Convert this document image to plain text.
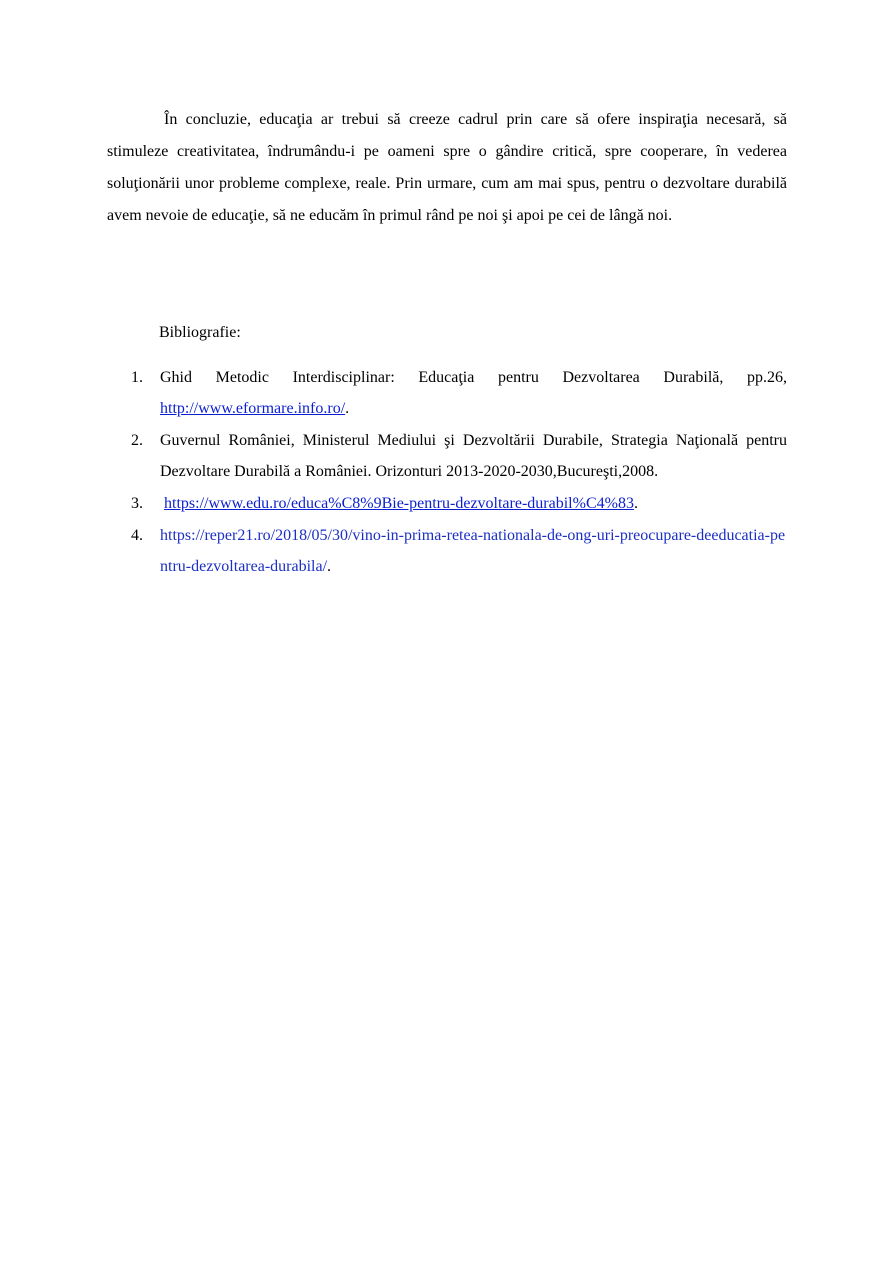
În concluzie, educaţia ar trebui să creeze cadrul prin care să ofere inspiraţia necesară, să stimuleze creativitatea, îndrumându-i pe oameni spre o gândire critică, spre cooperare, în vederea soluţionării unor probleme complexe, reale. Prin urmare, cum am mai spus, pentru o dezvoltare durabilă avem nevoie de educaţie, să ne educăm în primul rând pe noi şi apoi pe cei de lângă noi.

Bibliografie:

1. Ghid Metodic Interdisciplinar: Educaţia pentru Dezvoltarea Durabilă, pp.26, http://www.eformare.info.ro/.
2. Guvernul României, Ministerul Mediului şi Dezvoltării Durabile, Strategia Naţională pentru Dezvoltare Durabilă a României. Orizonturi 2013-2020-2030,Bucureşti,2008.
3. https://www.edu.ro/educa%C8%9Bie-pentru-dezvoltare-durabil%C4%83.
4. https://reper21.ro/2018/05/30/vino-in-prima-retea-nationala-de-ong-uri-preocupare-deeducatia-pentru-dezvoltarea-durabila/.
